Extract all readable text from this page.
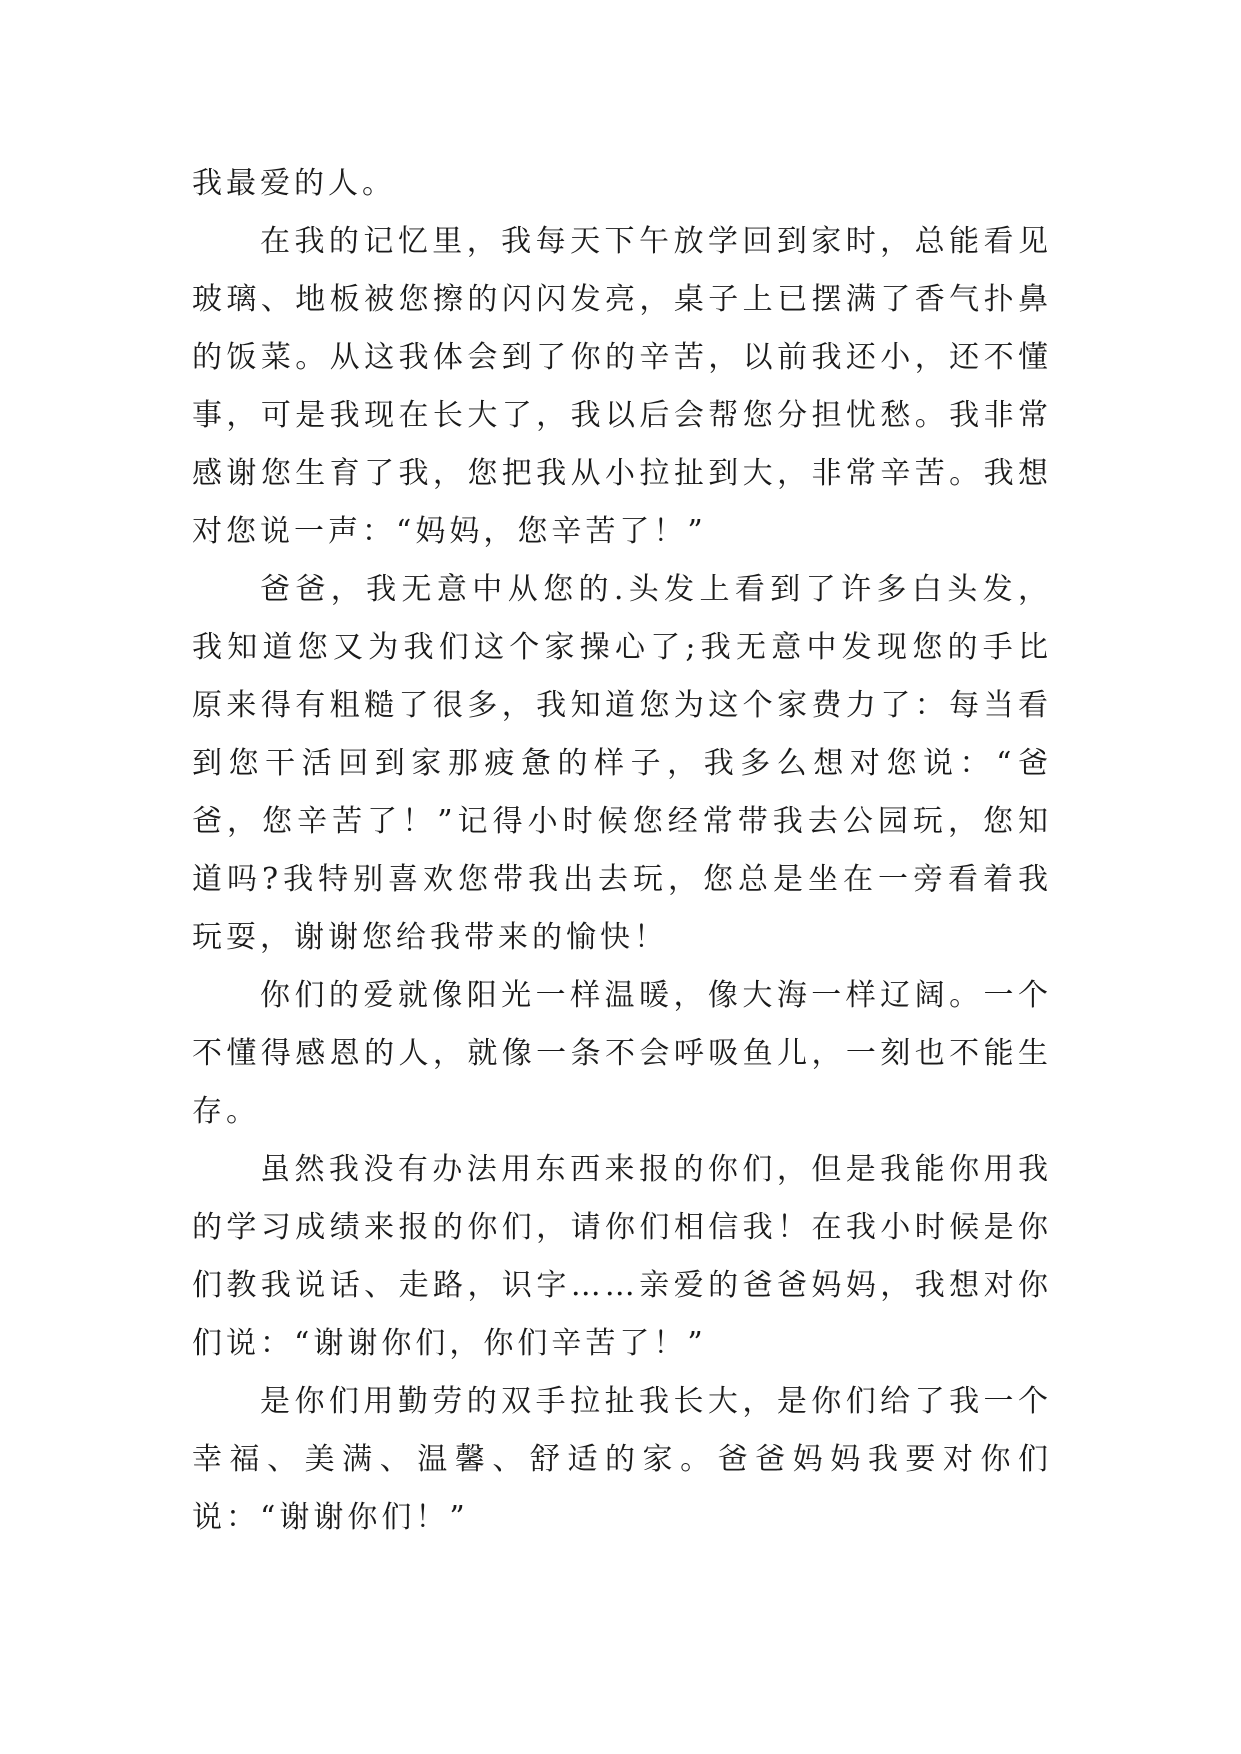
我最爱的人。

在我的记忆里，我每天下午放学回到家时，总能看见玻璃、地板被您擦的闪闪发亮，桌子上已摆满了香气扑鼻的饭菜。从这我体会到了你的辛苦，以前我还小，还不懂事，可是我现在长大了，我以后会帮您分担忧愁。我非常感谢您生育了我，您把我从小拉扯到大，非常辛苦。我想对您说一声：“妈妈，您辛苦了！”

爸爸，我无意中从您的.头发上看到了许多白头发，我知道您又为我们这个家操心了;我无意中发现您的手比原来得有粗糙了很多，我知道您为这个家费力了：每当看到您干活回到家那疲惫的样子，我多么想对您说：“爸爸，您辛苦了！”记得小时候您经常带我去公园玩，您知道吗?我特别喜欢您带我出去玩，您总是坐在一旁看着我玩耍，谢谢您给我带来的愉快！

你们的爱就像阳光一样温暖，像大海一样辽阔。一个不懂得感恩的人，就像一条不会呼吸鱼儿，一刻也不能生存。

虽然我没有办法用东西来报的你们，但是我能你用我的学习成绩来报的你们，请你们相信我！在我小时候是你们教我说话、走路，识字……亲爱的爸爸妈妈，我想对你们说：“谢谢你们，你们辛苦了！”

是你们用勤劳的双手拉扯我长大，是你们给了我一个幸福、美满、温馨、舒适的家。爸爸妈妈我要对你们说：“谢谢你们！”
